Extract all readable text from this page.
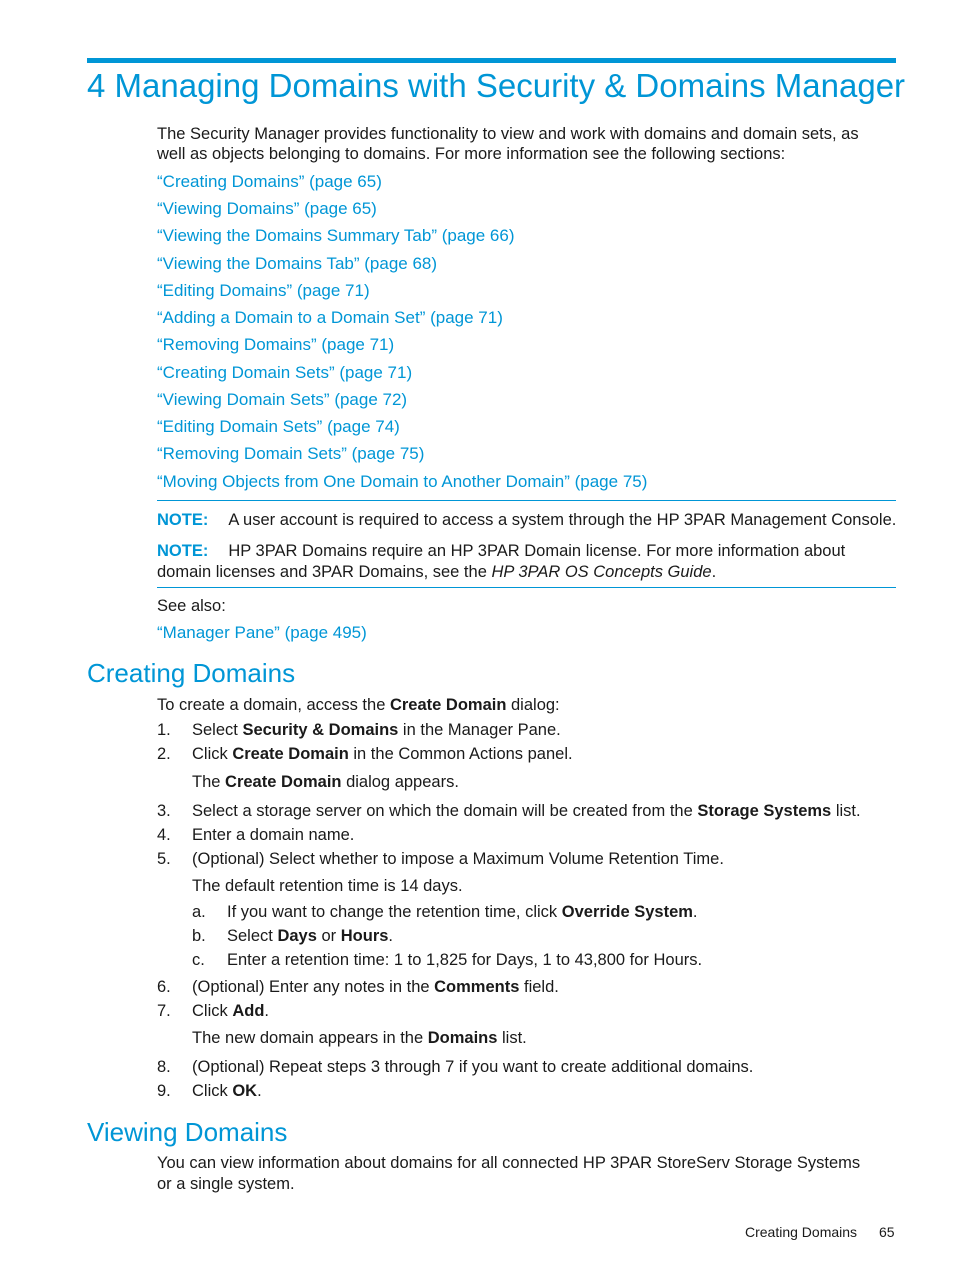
4 Managing Domains with Security & Domains Manager
The Security Manager provides functionality to view and work with domains and domain sets, as
well as objects belonging to domains. For more information see the following sections:
“Creating Domains” (page 65)
“Viewing Domains” (page 65)
“Viewing the Domains Summary Tab” (page 66)
“Viewing the Domains Tab” (page 68)
“Editing Domains” (page 71)
“Adding a Domain to a Domain Set” (page 71)
“Removing Domains” (page 71)
“Creating Domain Sets” (page 71)
“Viewing Domain Sets” (page 72)
“Editing Domain Sets” (page 74)
“Removing Domain Sets” (page 75)
“Moving Objects from One Domain to Another Domain” (page 75)
NOTE: A user account is required to access a system through the HP 3PAR Management Console.
NOTE: HP 3PAR Domains require an HP 3PAR Domain license. For more information about
domain licenses and 3PAR Domains, see the HP 3PAR OS Concepts Guide.
See also:
“Manager Pane” (page 495)
Creating Domains
To create a domain, access the Create Domain dialog:
1. Select Security & Domains in the Manager Pane.
2. Click Create Domain in the Common Actions panel.
The Create Domain dialog appears.
3. Select a storage server on which the domain will be created from the Storage Systems list.
4. Enter a domain name.
5. (Optional) Select whether to impose a Maximum Volume Retention Time.
The default retention time is 14 days.
a. If you want to change the retention time, click Override System.
b. Select Days or Hours.
c. Enter a retention time: 1 to 1,825 for Days, 1 to 43,800 for Hours.
6. (Optional) Enter any notes in the Comments field.
7. Click Add.
The new domain appears in the Domains list.
8. (Optional) Repeat steps 3 through 7 if you want to create additional domains.
9. Click OK.
Viewing Domains
You can view information about domains for all connected HP 3PAR StoreServ Storage Systems
or a single system.
Creating Domains 65
